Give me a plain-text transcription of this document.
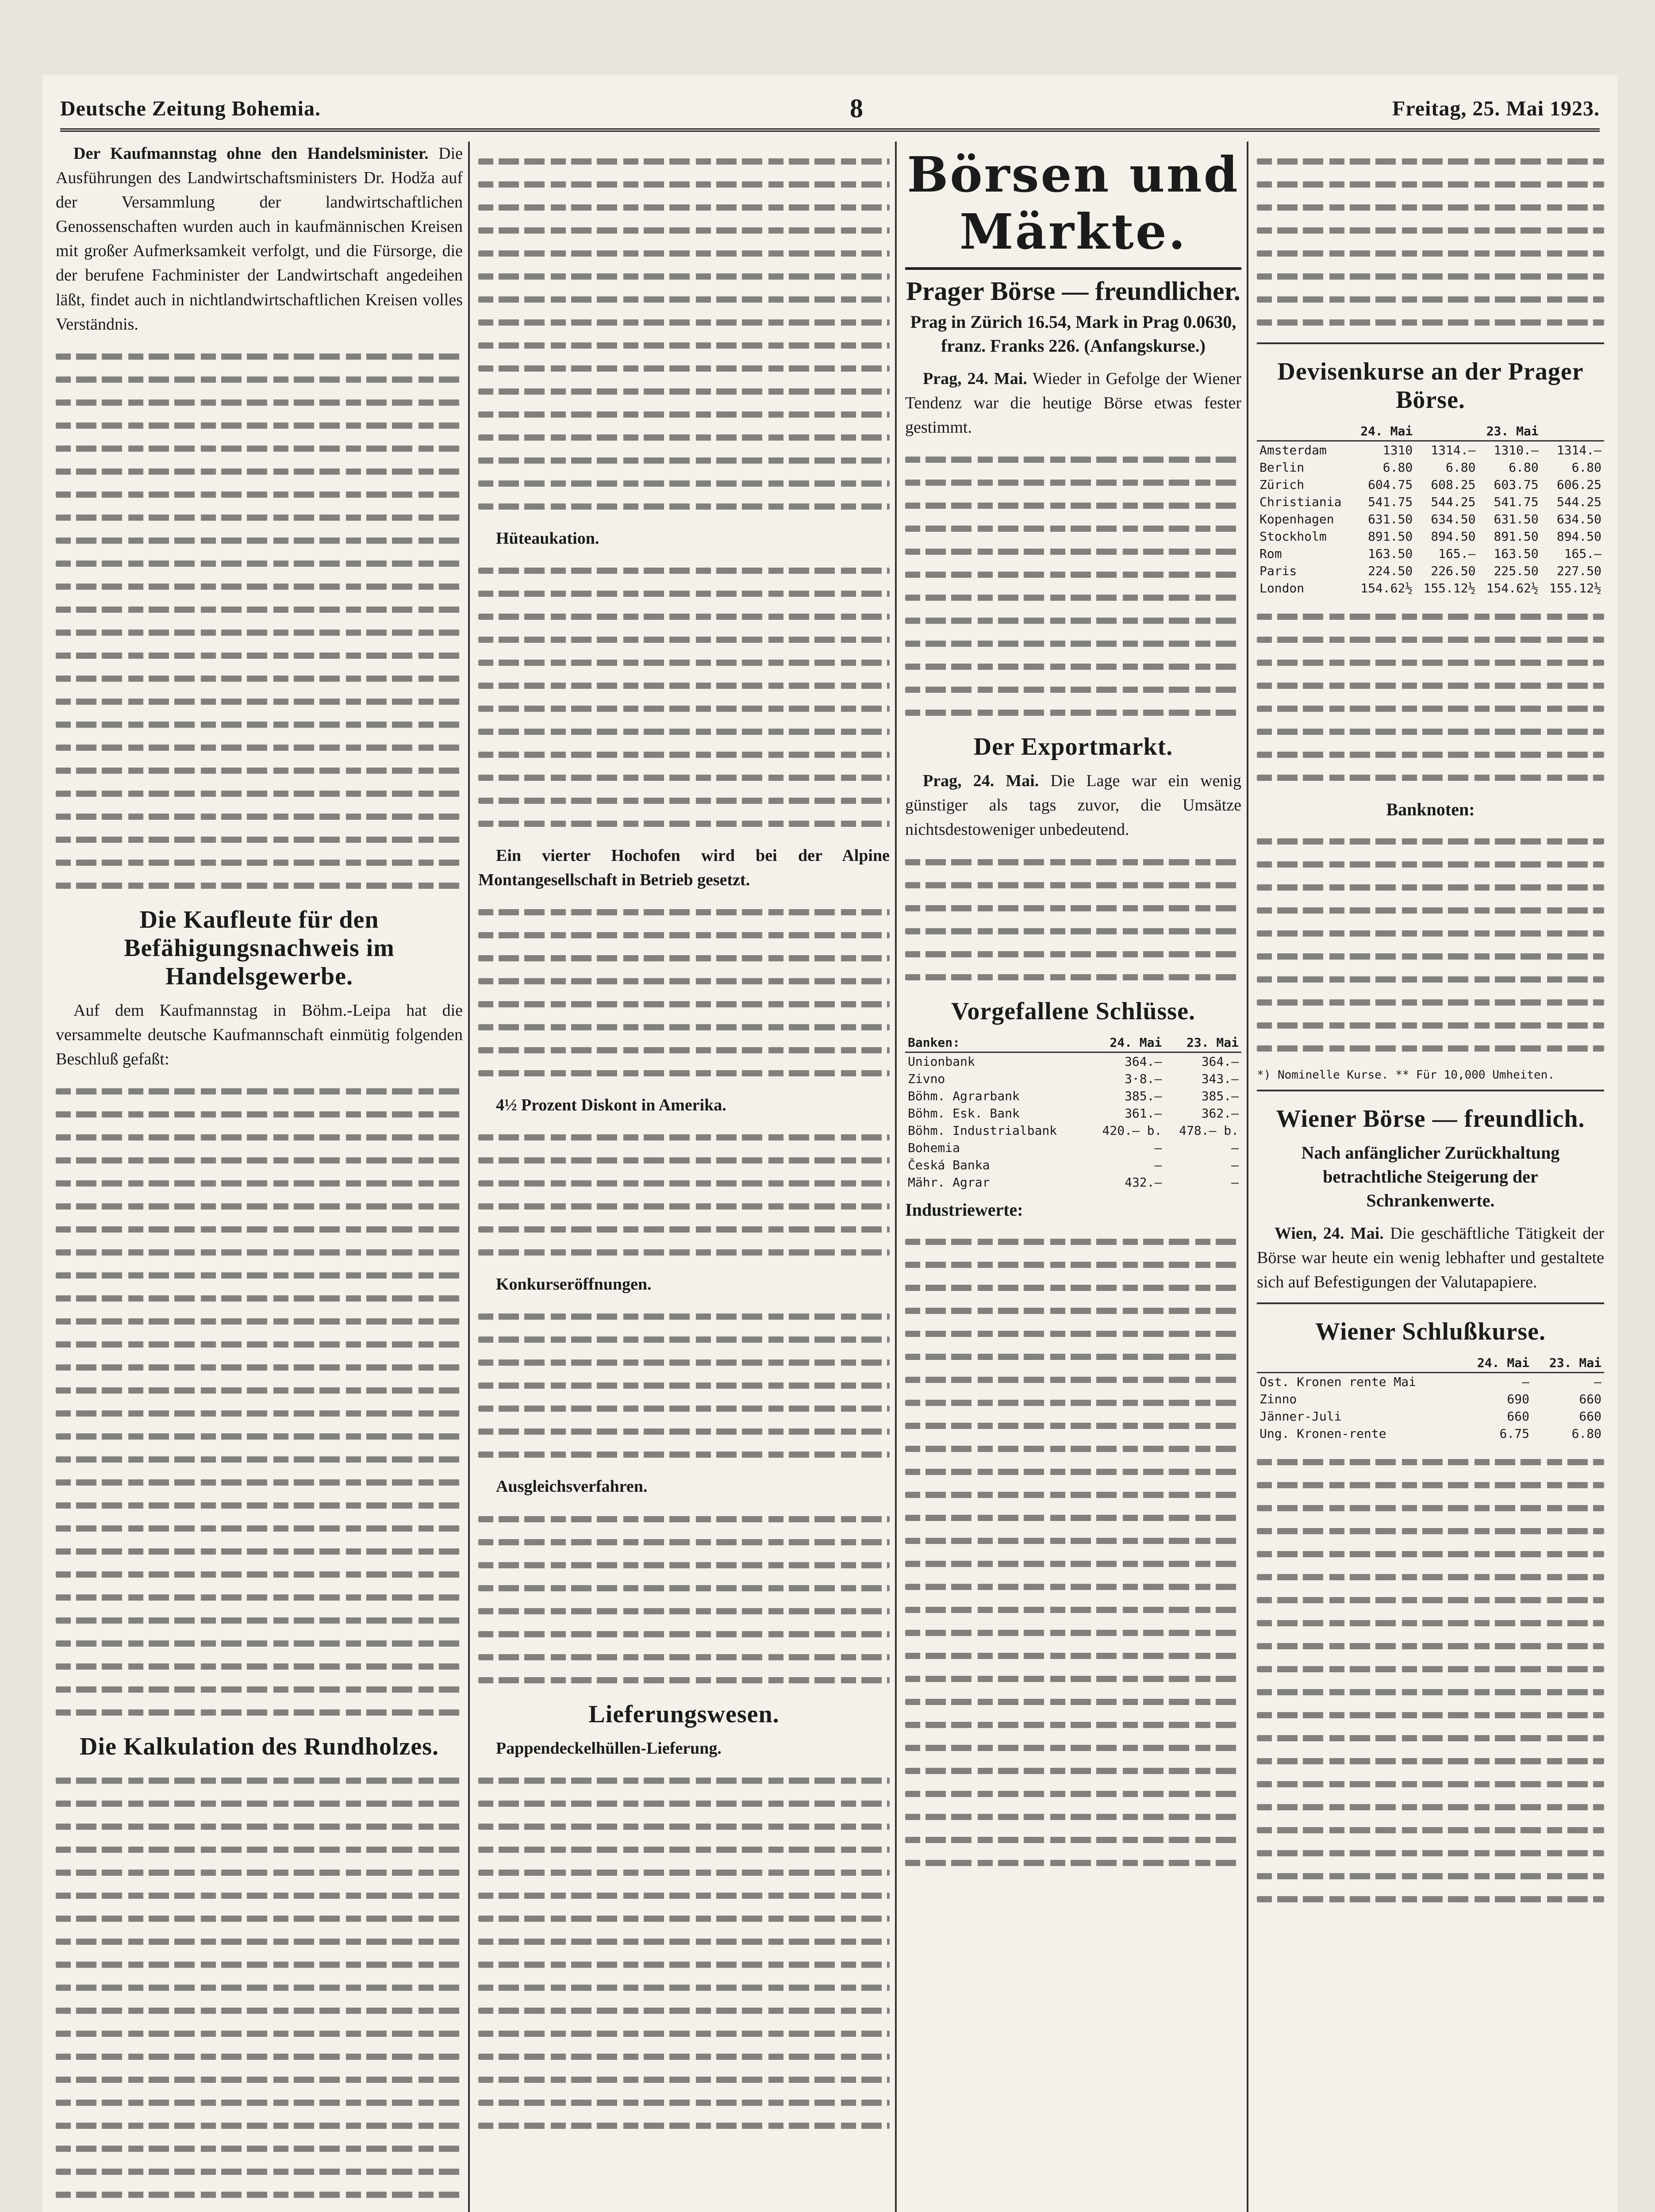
Deutsche Zeitung Bohemia.	8	Freitag, 25. Mai 1923.

Der Kaufmannstag ohne den Handelsminister. Die Ausführungen des Landwirtschaftsministers Dr. Hodža auf der Versammlung der landwirtschaftlichen Genossenschaften wurden auch in kaufmännischen Kreisen mit großer Aufmerksamkeit verfolgt, und die Fürsorge, die der berufene Fachminister der Landwirtschaft angedeihen läßt, findet auch in nichtlandwirtschaftlichen Kreisen volles Verständnis.

Die Kaufleute für den Befähigungsnachweis im Handelsgewerbe.

Auf dem Kaufmannstag in Böhm.-Leipa hat die versammelte deutsche Kaufmannschaft einmütig folgenden Beschluß gefaßt:

Die Kalkulation des Rundholzes.

Hüteaukation.

Ein vierter Hochofen wird bei der Alpine Montangesellschaft in Betrieb gesetzt.

4½ Prozent Diskont in Amerika.

Konkurseröffnungen.

Ausgleichsverfahren.

Lieferungswesen.

Pappendeckelhüllen-Lieferung.

Börsen und Märkte.
Prager Börse — freundlicher.
Prag in Zürich 16.54, Mark in Prag 0.0630, franz. Franks 226. (Anfangskurse.)

Prag, 24. Mai. Wieder in Gefolge der Wiener Tendenz war die heutige Börse etwas fester gestimmt.

Der Exportmarkt.

Prag, 24. Mai. Die Lage war ein wenig günstiger als tags zuvor, die Umsätze nichtsdestoweniger unbedeutend.

Vorgefallene Schlüsse.
Banken:	24. Mai	23. Mai
Unionbank	364.—	364.—
Zivno	3·8.—	343.—
Böhm. Agrarbank	385.—	385.—
Böhm. Esk. Bank	361.—	362.—
Böhm. Industrialbank	420.— b.	478.— b.
Bohemia	—	—
Česká Banka	—	—
Mähr. Agrar	432.—	—
Industriewerte:
Devisenkurse an der Prager Börse.
	24. Mai		23. Mai	
Amsterdam	1310	1314.—	1310.—	1314.—
Berlin	6.80	6.80	6.80	6.80
Zürich	604.75	608.25	603.75	606.25
Christiania	541.75	544.25	541.75	544.25
Kopenhagen	631.50	634.50	631.50	634.50
Stockholm	891.50	894.50	891.50	894.50
Rom	163.50	165.—	163.50	165.—
Paris	224.50	226.50	225.50	227.50
London	154.62½	155.12½	154.62½	155.12½
Banknoten:
*) Nominelle Kurse. ** Für 10,000 Umheiten.
Wiener Börse — freundlich.
Nach anfänglicher Zurückhaltung betrachtliche Steigerung der Schrankenwerte.

Wien, 24. Mai. Die geschäftliche Tätigkeit der Börse war heute ein wenig lebhafter und gestaltete sich auf Befestigungen der Valutapapiere.

Wiener Schlußkurse.
	24. Mai	23. Mai
Ost. Kronen rente Mai	—	—
Zinno	690	660
Jänner-Juli	660	660
Ung. Kronen-rente	6.75	6.80
